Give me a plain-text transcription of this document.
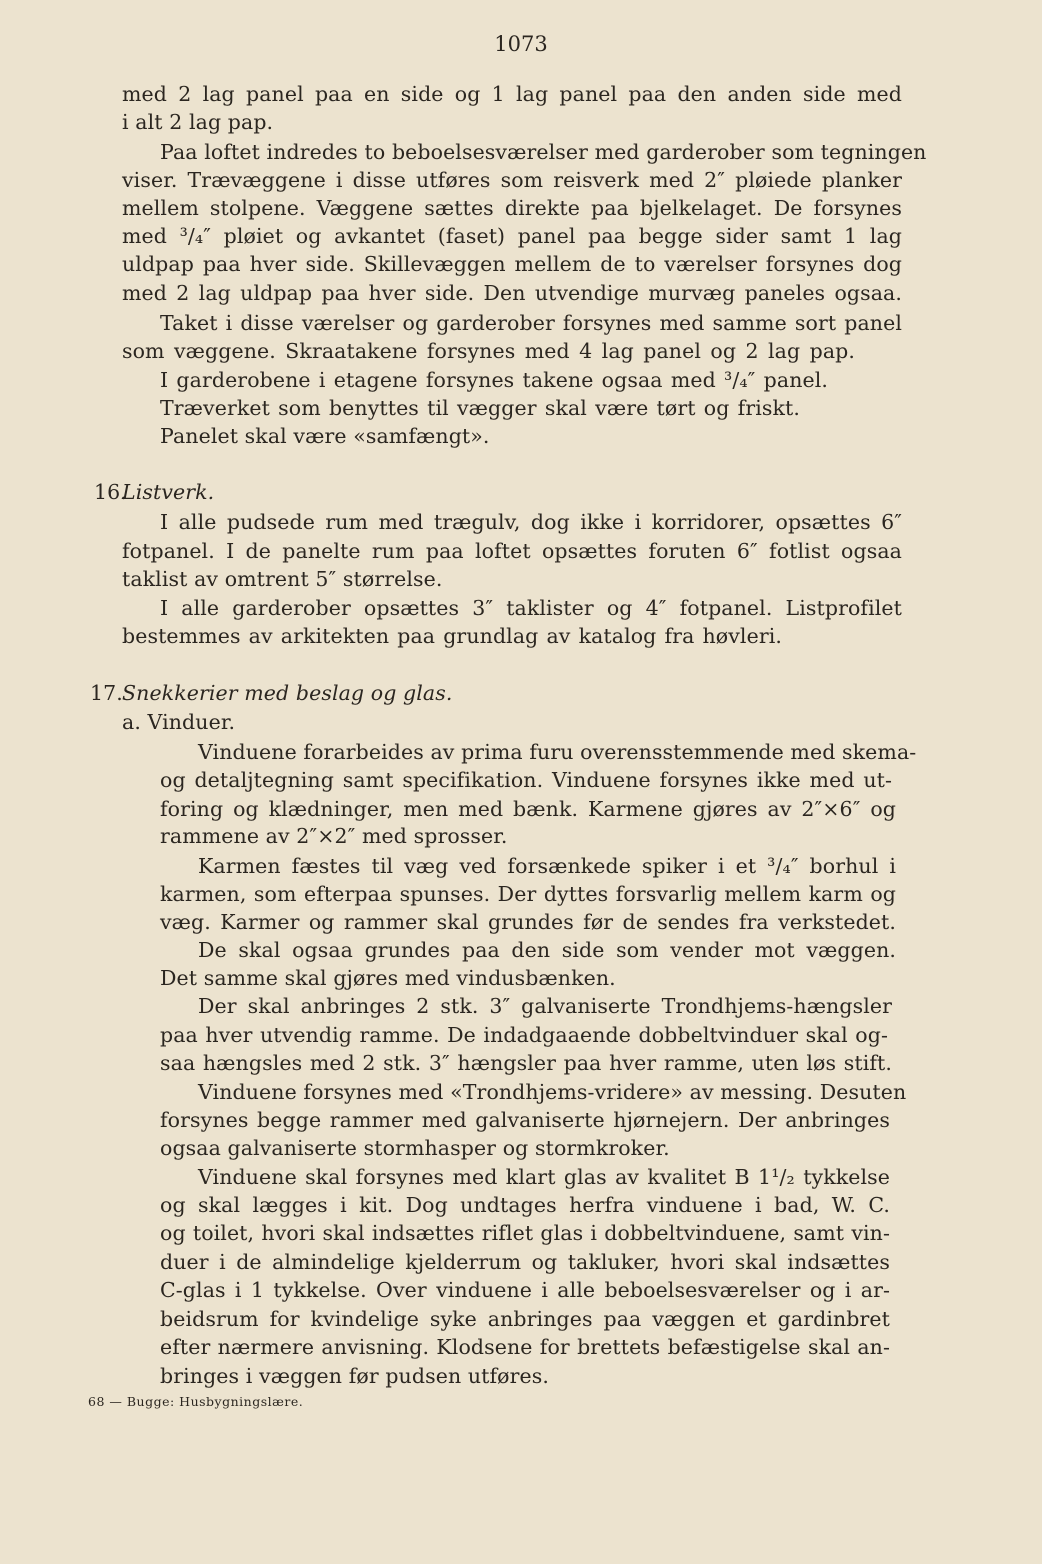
1073
med 2 lag panel paa en side og 1 lag panel paa den anden side med
i alt 2 lag pap.
Paa loftet indredes to beboelsesværelser med garderober som tegningen
viser. Trævæggene i disse utføres som reisverk med 2″ pløiede planker
mellem stolpene. Væggene sættes direkte paa bjelkelaget. De forsynes
med ³/₄″ pløiet og avkantet (faset) panel paa begge sider samt 1 lag
uldpap paa hver side. Skillevæggen mellem de to værelser forsynes dog
med 2 lag uldpap paa hver side. Den utvendige murvæg paneles ogsaa.
Taket i disse værelser og garderober forsynes med samme sort panel
som væggene. Skraatakene forsynes med 4 lag panel og 2 lag pap.
I garderobene i etagene forsynes takene ogsaa med ³/₄″ panel.
Træverket som benyttes til vægger skal være tørt og friskt.
Panelet skal være «samfængt».
16.
Listverk.
I alle pudsede rum med trægulv, dog ikke i korridorer, opsættes 6″
fotpanel. I de panelte rum paa loftet opsættes foruten 6″ fotlist ogsaa
taklist av omtrent 5″ størrelse.
I alle garderober opsættes 3″ taklister og 4″ fotpanel. Listprofilet
bestemmes av arkitekten paa grundlag av katalog fra høvleri.
17. Snekkerier med beslag og glas.
a. Vinduer.
Vinduene forarbeides av prima furu overensstemmende med skema-
og detaljtegning samt specifikation. Vinduene forsynes ikke med ut-
foring og klædninger, men med bænk. Karmene gjøres av 2″×6″ og
rammene av 2″×2″ med sprosser.
Karmen fæstes til væg ved forsænkede spiker i et ³/₄″ borhul i
karmen, som efterpaa spunses. Der dyttes forsvarlig mellem karm og
væg. Karmer og rammer skal grundes før de sendes fra verkstedet.
De skal ogsaa grundes paa den side som vender mot væggen.
Det samme skal gjøres med vindusbænken.
Der skal anbringes 2 stk. 3″ galvaniserte Trondhjems-hængsler
paa hver utvendig ramme. De indadgaaende dobbeltvinduer skal og-
saa hængsles med 2 stk. 3″ hængsler paa hver ramme, uten løs stift.
Vinduene forsynes med «Trondhjems-vridere» av messing. Desuten
forsynes begge rammer med galvaniserte hjørnejern. Der anbringes
ogsaa galvaniserte stormhasper og stormkroker.
Vinduene skal forsynes med klart glas av kvalitet B 1¹/₂ tykkelse
og skal lægges i kit. Dog undtages herfra vinduene i bad, W. C.
og toilet, hvori skal indsættes riflet glas i dobbeltvinduene, samt vin-
duer i de almindelige kjelderrum og takluker, hvori skal indsættes
C-glas i 1 tykkelse. Over vinduene i alle beboelsesværelser og i ar-
beidsrum for kvindelige syke anbringes paa væggen et gardinbret
efter nærmere anvisning. Klodsene for brettets befæstigelse skal an-
bringes i væggen før pudsen utføres.
68 — Bugge: Husbygningslære.
